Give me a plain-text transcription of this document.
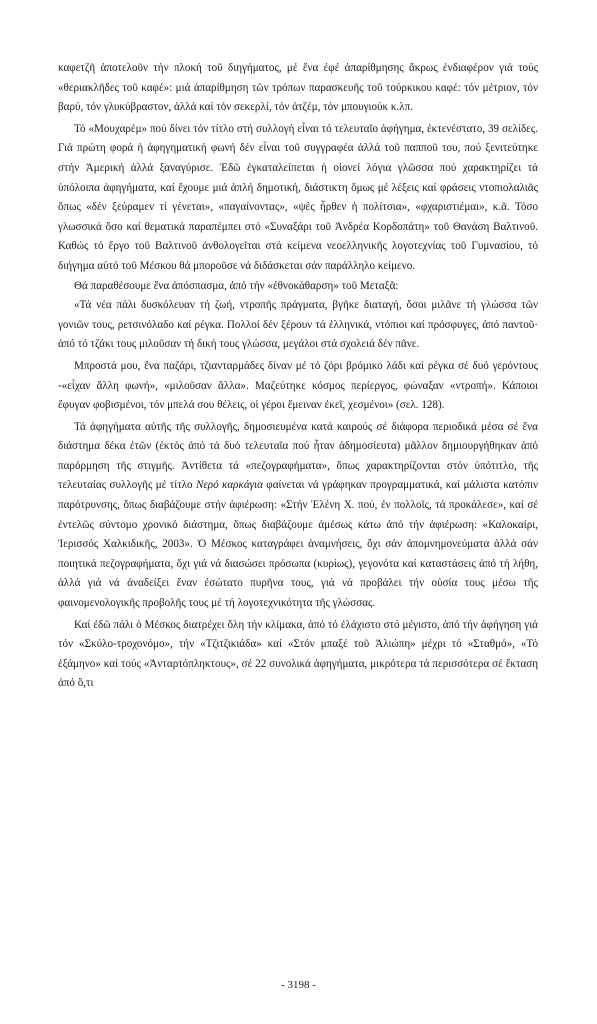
καφετζῆ ἀποτελοῦν τὴν πλοκή τοῦ διηγήματος, μέ ἕνα ἐφέ ἀπαρίθμησης ἄκρως ἐνδιαφέρον γιά τούς «θεριακλῆδες τοῦ καφέ»: μιά ἀπαρίθμηση τῶν τρόπων παρασκευῆς τοῦ τούρκικου καφέ: τόν μέτριον, τόν βαρύ, τόν γλυκύβραστον, ἀλλά καί τόν σεκερλί, τόν ἀτζέμ, τόν μπουγιούκ κ.λπ.

Τό «Μουχαρέμ» πού δίνει τόν τίτλο στή συλλογή εἶναι τό τελευταῖο ἀφήγημα, ἐκτενέστατο, 39 σελίδες. Γιά πρώτη φορά ἡ ἀφηγηματική φωνή δέν εἶναι τοῦ συγγραφέα ἀλλά τοῦ παπποῦ του, πού ξενιτεύτηκε στήν Ἀμερική ἀλλά ξαναγύρισε. Ἐδῶ ἐγκαταλείπεται ἡ οἱονεί λόγια γλῶσσα πού χαρακτηρίζει τά ὑπόλοιπα ἀφηγήματα, καί ἔχουμε μιά ἁπλή δημοτική, διάστικτη ὅμως μέ λέξεις καί φράσεις ντοπιολαλιᾶς ὅπως «δέν ξεύραμεν τί γένεται», «παγαίνοντας», «ψές ἦρθεν ἡ πολίτσια», «φχαριστιέμαι», κ.ᾶ. Τόσο γλωσσικά ὅσο καί θεματικά παραπέμπει στό «Συναξάρι τοῦ Ἀνδρέα Κορδοπάτη» τοῦ Θανάση Βαλτινοῦ. Καθώς τό ἔργο τοῦ Βαλτινοῦ ἀνθολογεῖται στά κείμενα νεοελληνικῆς λογοτεχνίας τοῦ Γυμνασίου, τό διήγημα αὐτό τοῦ Μέσκου θά μποροῦσε νά διδάσκεται σάν παράλληλο κείμενο.

Θά παραθέσουμε ἕνα ἀπόσπασμα, ἀπό τήν «ἐθνοκάθαρση» τοῦ Μεταξᾶ:

«Τά νέα πάλι δυσκόλευαν τή ζωή, ντροπῆς πράγματα, βγῆκε διαταγή, ὅσοι μιλᾶνε τή γλώσσα τῶν γονιῶν τους, ρετσινόλαδο καί ρέγκα. Πολλοί δέν ξέρουν τά ἑλληνικά, ντόπιοι καί πρόσφυγες, ἀπό παντοῦ· ἀπό τό τζάκι τους μιλοῦσαν τή δική τους γλώσσα, μεγάλοι στά σχολειά δέν πᾶνε.

Μπροστά μου, ἕνα παζάρι, τζιανταρμάδες δίναν μέ τό ζόρι βρόμικο λάδι καί ρέγκα σέ δυό γερόντους -«εἶχαν ἄλλη φωνή», «μιλοῦσαν ἄλλα». Μαζεύτηκε κόσμος περίεργος, φώναξαν «ντροπή». Κάποιοι ἔφυγαν φοβισμένοι, τόν μπελά σου θέλεις, οἱ γέροι ἔμειναν ἐκεῖ, χεσμένοι» (σελ. 128).

Τά ἀφηγήματα αὐτῆς τῆς συλλογῆς, δημοσιευμένα κατά καιρούς σέ διάφορα περιοδικά μέσα σέ ἕνα διάστημα δέκα ἐτῶν (ἐκτός ἀπό τά δυό τελευταῖα πού ἦταν ἀδημοσίευτα) μᾶλλον δημιουργήθηκαν ἀπό παρόρμηση τῆς στιγμῆς. Ἀντίθετα τά «πεζογραφήματα», ὅπως χαρακτηρίζονται στόν ὑπότιτλο, τῆς τελευταίας συλλογῆς μέ τίτλο Νερό καρκάγια φαίνεται νά γράφηκαν προγραμματικά, καί μάλιστα κατόπιν παρότρυνσης, ὅπως διαβάζουμε στήν ἀφιέρωση: «Στήν Ἑλένη Χ. πού, ἐν πολλοῖς, τά προκάλεσε», καί σέ ἐντελῶς σύντομο χρονικό διάστημα, ὅπως διαβάζουμε ἀμέσως κάτω ἀπό τήν ἀφιέρωση: «Καλοκαίρι, Ἱερισσός Χαλκιδικῆς, 2003». Ὁ Μέσκος καταγράφει ἀναμνήσεις, ὄχι σάν ἀπομνημονεύματα ἀλλά σάν ποιητικά πεζογραφήματα, ὄχι γιά νά διασώσει πρόσωπα (κυρίως), γεγονότα καί καταστάσεις ἀπό τή λήθη, ἀλλά γιά νά ἀναδείξει ἕναν ἐσώτατο πυρῆνα τους, γιά νά προβάλει τήν οὐσία τους μέσω τῆς φαινομενολογικῆς προβολῆς τους μέ τή λογοτεχνικότητα τῆς γλώσσας.

Καί ἐδῶ πάλι ὁ Μέσκος διατρέχει ὅλη τήν κλίμακα, ἀπό τό ἐλάχιστο στό μέγιστο, ἀπό τήν ἀφήγηση γιά τόν «Σκύλο-τροχονόμο», τήν «Τζιτζικιάδα» καί «Στόν μπαξέ τοῦ Ἀλιώπη» μέχρι τό «Σταθμό», «Τό ἑξάμηνο» καί τούς «Ἀνταρτόπληκτους», σέ 22 συνολικά ἀφηγήματα, μικρότερα τά περισσότερα σέ ἔκταση ἀπό ὅ,τι

- 3198 -
